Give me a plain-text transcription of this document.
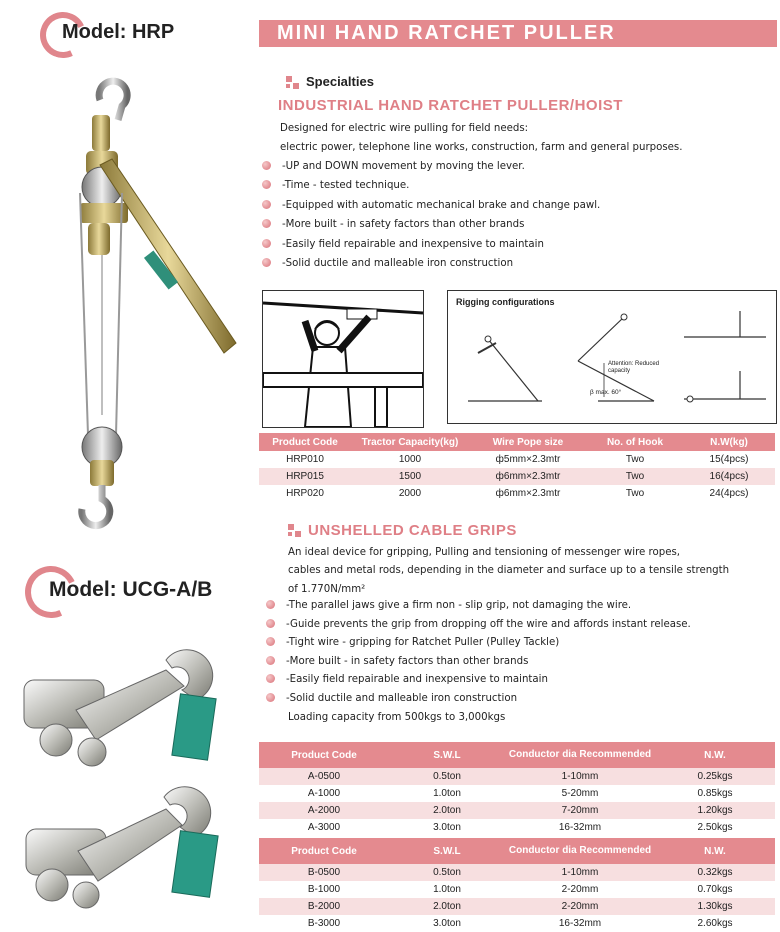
Model: HRP
Model: UCG-A/B
MINI HAND RATCHET PULLER
Specialties
INDUSTRIAL HAND RATCHET PULLER/HOIST
Designed for electric wire pulling for field needs:
electric power, telephone line works, construction, farm and general purposes.
-UP and DOWN movement by moving the lever.
-Time - tested technique.
-Equipped with automatic mechanical brake and change pawl.
-More built - in safety factors than other brands
-Easily field repairable and inexpensive to maintain
-Solid ductile and malleable iron construction
Rigging configurations
Attention: Reduced capacity
β max. 60°
Product Code	Tractor Capacity(kg)	Wire Pope size	No. of Hook	N.W(kg)
HRP010	1000	ф5mm×2.3mtr	Two	15(4pcs)
HRP015	1500	ф6mm×2.3mtr	Two	16(4pcs)
HRP020	2000	ф6mm×2.3mtr	Two	24(4pcs)
UNSHELLED CABLE GRIPS
An ideal device for gripping, Pulling and tensioning of messenger wire ropes,
cables and metal rods, depending in the diameter and surface up to a tensile strength
of 1.770N/mm²
-The parallel jaws give a firm non - slip grip, not damaging the wire.
-Guide prevents the grip from dropping off the wire and affords instant release.
-Tight wire - gripping for Ratchet Puller (Pulley Tackle)
-More built - in safety factors than other brands
-Easily field repairable and inexpensive to maintain
-Solid ductile and malleable iron construction
Loading capacity from 500kgs to 3,000kgs
Product Code	S.W.L	Conductor dia Recommended	N.W.
A-0500	0.5ton	1-10mm	0.25kgs
A-1000	1.0ton	5-20mm	0.85kgs
A-2000	2.0ton	7-20mm	1.20kgs
A-3000	3.0ton	16-32mm	2.50kgs
Product Code	S.W.L	Conductor dia Recommended	N.W.
B-0500	0.5ton	1-10mm	0.32kgs
B-1000	1.0ton	2-20mm	0.70kgs
B-2000	2.0ton	2-20mm	1.30kgs
B-3000	3.0ton	16-32mm	2.60kgs
